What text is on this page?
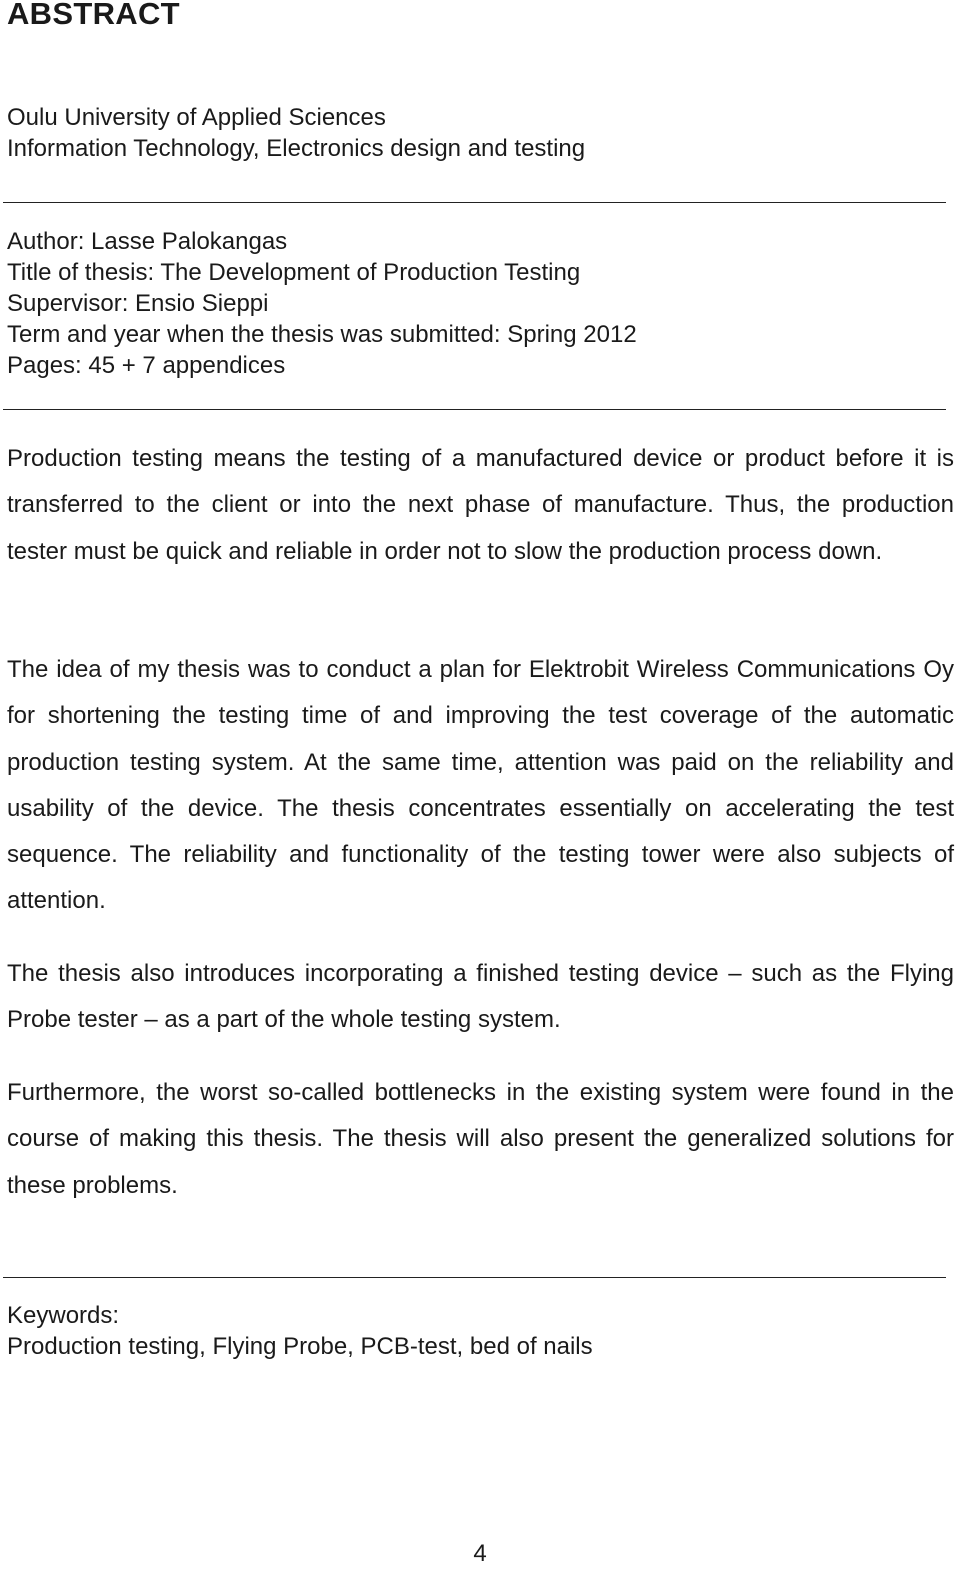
ABSTRACT
Oulu University of Applied Sciences
Information Technology, Electronics design and testing
Author: Lasse Palokangas
Title of thesis: The Development of Production Testing
Supervisor: Ensio Sieppi
Term and year when the thesis was submitted: Spring 2012
Pages: 45 + 7 appendices

Production testing means the testing of a manufactured device or product before it is transferred to the client or into the next phase of manufacture. Thus, the production tester must be quick and reliable in order not to slow the production process down.

The idea of my thesis was to conduct a plan for Elektrobit Wireless Communications Oy for shortening the testing time of and improving the test coverage of the automatic production testing system. At the same time, attention was paid on the reliability and usability of the device. The thesis concentrates essentially on accelerating the test sequence. The reliability and functionality of the testing tower were also subjects of attention.

The thesis also introduces incorporating a finished testing device – such as the Flying Probe tester – as a part of the whole testing system.

Furthermore, the worst so-called bottlenecks in the existing system were found in the course of making this thesis. The thesis will also present the generalized solutions for these problems.

Keywords:
Production testing, Flying Probe, PCB-test, bed of nails
4
